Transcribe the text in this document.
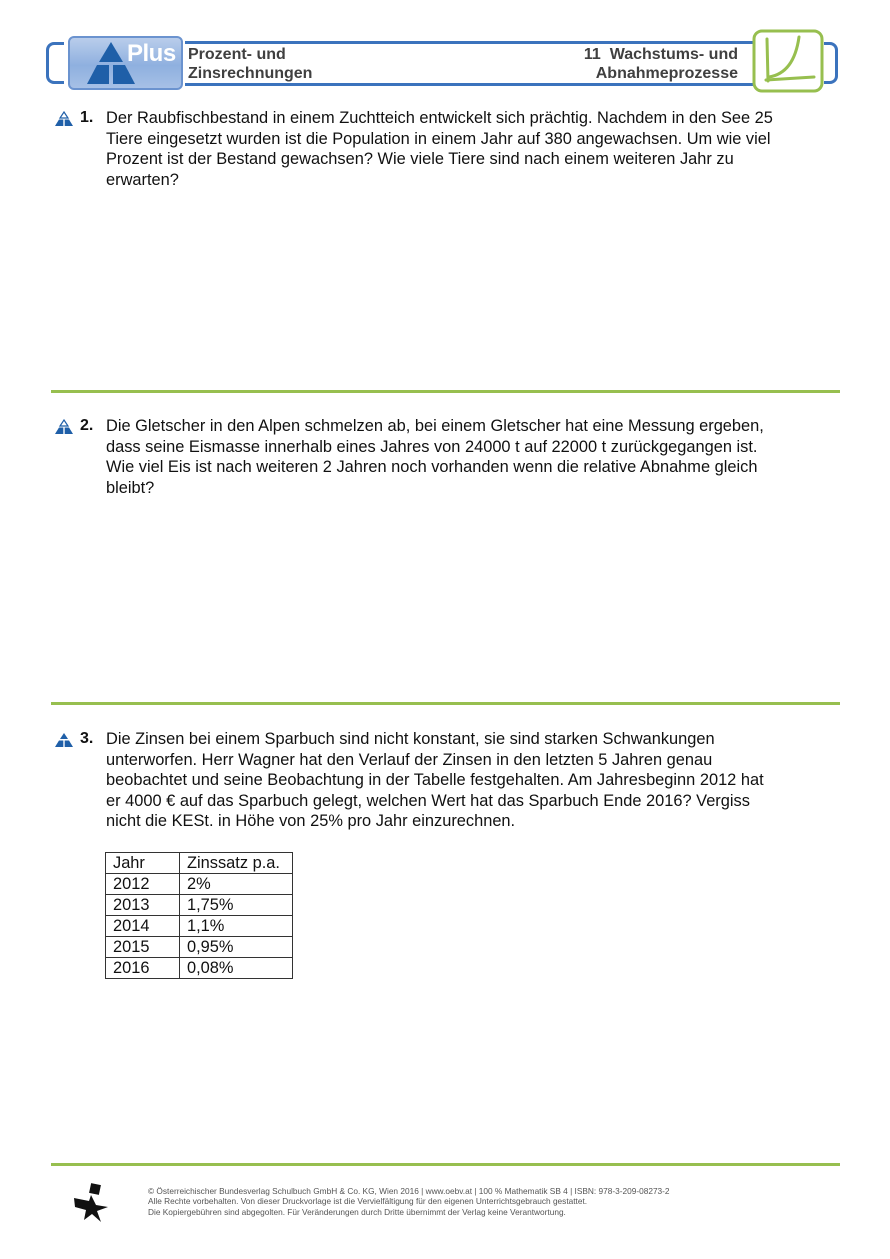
Plus Prozent- und
Zinsrechnungen
11  Wachstums- und
Abnahmeprozesse
1. Der Raubfischbestand in einem Zuchtteich entwickelt sich prächtig. Nachdem in den See 25
Tiere eingesetzt wurden ist die Population in einem Jahr auf 380 angewachsen. Um wie viel
Prozent ist der Bestand gewachsen? Wie viele Tiere sind nach einem weiteren Jahr zu
erwarten?
2. Die Gletscher in den Alpen schmelzen ab, bei einem Gletscher hat eine Messung ergeben,
dass seine Eismasse innerhalb eines Jahres von 24000 t auf 22000 t zurückgegangen ist.
Wie viel Eis ist nach weiteren 2 Jahren noch vorhanden wenn die relative Abnahme gleich
bleibt?
3. Die Zinsen bei einem Sparbuch sind nicht konstant, sie sind starken Schwankungen
unterworfen. Herr Wagner hat den Verlauf der Zinsen in den letzten 5 Jahren genau
beobachtet und seine Beobachtung in der Tabelle festgehalten. Am Jahresbeginn 2012 hat
er 4000 € auf das Sparbuch gelegt, welchen Wert hat das Sparbuch Ende 2016? Vergiss
nicht die KESt. in Höhe von 25% pro Jahr einzurechnen.
Jahr	Zinssatz p.a.
2012	2%
2013	1,75%
2014	1,1%
2015	0,95%
2016	0,08%
© Österreichischer Bundesverlag Schulbuch GmbH & Co. KG, Wien 2016 | www.oebv.at | 100 % Mathematik SB 4 | ISBN: 978-3-209-08273-2
Alle Rechte vorbehalten. Von dieser Druckvorlage ist die Vervielfältigung für den eigenen Unterrichtsgebrauch gestattet.
Die Kopiergebühren sind abgegolten. Für Veränderungen durch Dritte übernimmt der Verlag keine Verantwortung.
